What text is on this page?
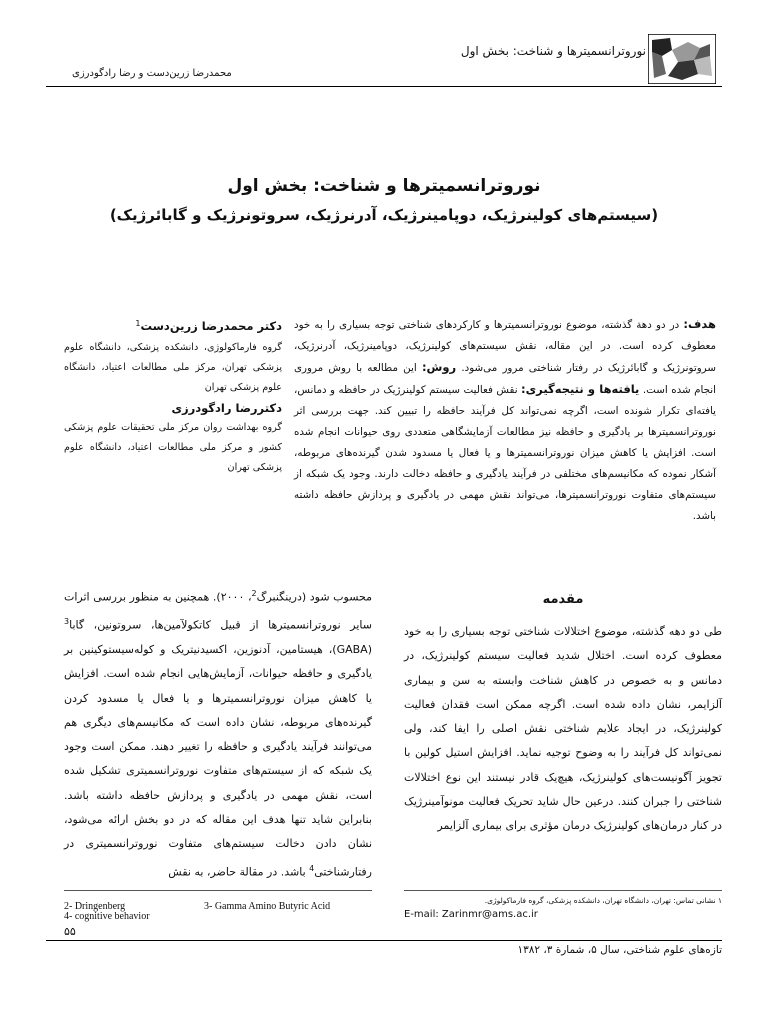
نوروترانسمیترها و شناخت: بخش اول
محمدرضا زرین‌دست و رضا رادگودرزی
نوروترانسمیترها و شناخت: بخش اول
(سیستم‌های کولینرژیک، دوپامینرژیک، آدرنرژیک، سروتونرژیک و گابائرژیک)
هدف: در دو دهة گذشته، موضوع نوروترانسمیترها و کارکردهای شناختی توجه بسیاری را به خود معطوف کرده است. در این مقاله، نقش سیستم‌های کولینرژیک، دوپامینرژیک، آدرنرژیک، سروتونرژیک و گابائرژیک در رفتار شناختی مرور می‌شود. روش: این مطالعه با روش مروری انجام شده است. یافته‌ها و نتیجه‌گیری: نقش فعالیت سیستم کولینرژیک در حافظه و دمانس، یافته‌ای تکرار شونده است، اگرچه نمی‌تواند کل فرآیند حافظه را تبیین کند. جهت بررسی اثر نوروترانسمیترها بر یادگیری و حافظه نیز مطالعات آزمایشگاهی متعددی روی حیوانات انجام شده است. افزایش یا کاهش میزان نوروترانسمیترها و یا فعال یا مسدود شدن گیرنده‌های مربوطه، آشکار نموده که مکانیسم‌های مختلفی در فرآیند یادگیری و حافظه دخالت دارند. وجود یک شبکه از سیستم‌های متفاوت نوروترانسمیترها، می‌تواند نقش مهمی در یادگیری و پردازش حافظه داشته باشد.
دکتر محمدرضا زرین‌دست$^1$
گروه فارماکولوژی، دانشکده پزشکی، دانشگاه علوم پزشکی تهران، مرکز ملی مطالعات اعتیاد، دانشگاه علوم پزشکی تهران
دکتررضا رادگودرزی
گروه بهداشت روان مرکز ملی تحقیقات علوم پزشکی کشور و مرکز ملی مطالعات اعتیاد، دانشگاه علوم پزشکی تهران
مقدمه
طی دو دهه گذشته، موضوع اختلالات شناختی توجه بسیاری را به خود معطوف کرده است. اختلال شدید فعالیت سیستم کولینرژیک، در دمانس و به خصوص در کاهش شناخت وابسته به سن و بیماری آلزایمر، نشان داده شده است. اگرچه ممکن است فقدان فعالیت کولینرژیک، در ایجاد علایم شناختی نقش اصلی را ایفا کند، ولی نمی‌تواند کل فرآیند را به وضوح توجیه نماید. افزایش استیل کولین با تجویز آگونیست‌های کولینرژیک، هیچ‌یک قادر نیستند این نوع اختلالات شناختی را جبران کنند. درعین حال شاید تحریک فعالیت مونوآمینرژیک در کنار درمان‌های کولینرژیک درمان مؤثری برای بیماری آلزایمر
محسوب شود (درینگنبرگ$^2$، ۲۰۰۰). همچنین به منظور بررسی اثرات سایر نوروترانسمیترها از قبیل کاتکولآمین‌ها، سروتونین، گابا$^3$ (GABA)، هیستامین، آدنوزین، اکسیدنیتریک و کوله‌سیستوکینین بر یادگیری و حافظه حیوانات، آزمایش‌هایی انجام شده است. افزایش یا کاهش میزان نوروترانسمیترها و یا فعال یا مسدود کردن گیرنده‌های مربوطه، نشان داده است که مکانیسم‌های دیگری هم می‌توانند فرآیند یادگیری و حافظه را تغییر دهند. ممکن است وجود یک شبکه که از سیستم‌های متفاوت نوروترانسمیتری تشکیل شده است، نقش مهمی در یادگیری و پردازش حافظه داشته باشد. بنابراین شاید تنها هدف این مقاله که در دو بخش ارائه می‌شود، نشان دادن دخالت سیستم‌های متفاوت نوروترانسمیتری در رفتارشناختی$^4$ باشد. در مقالة حاضر، به نقش
١ نشانی تماس: تهران، دانشگاه تهران، دانشکده پزشکی، گروه فارماکولوژی.
E-mail: Zarinmr@ams.ac.ir
2- Dringenberg	3- Gamma Amino Butyric Acid
4- cognitive behavior
۵۵
تازه‌های علوم شناختی، سال ۵، شمارة ۳، ۱۳۸۲
